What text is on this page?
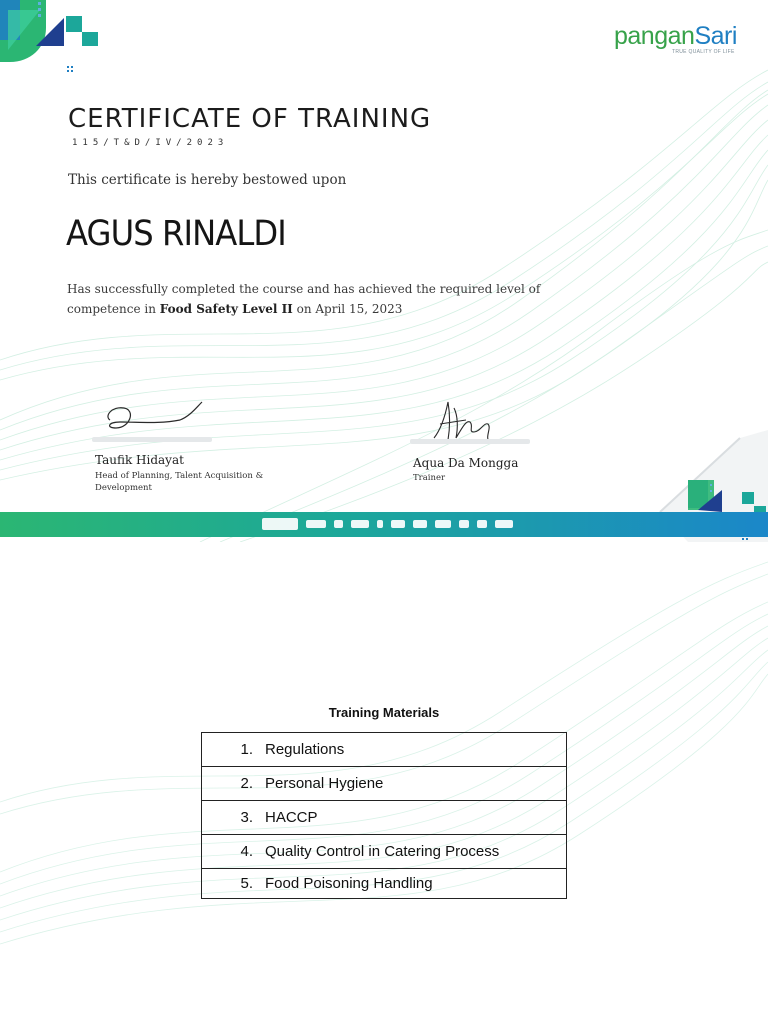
panganSari
TRUE QUALITY OF LIFE
CERTIFICATE OF TRAINING
115/T&D/IV/2023
This certificate is hereby bestowed upon
AGUS RINALDI
Has successfully completed the course and has achieved the required level of competence in Food Safety Level II on April 15, 2023
Taufik Hidayat
Head of Planning, Talent Acquisition & Development
Aqua Da Mongga
Trainer
Training Materials
1. Regulations
2. Personal Hygiene
3. HACCP
4. Quality Control in Catering Process
5. Food Poisoning Handling
